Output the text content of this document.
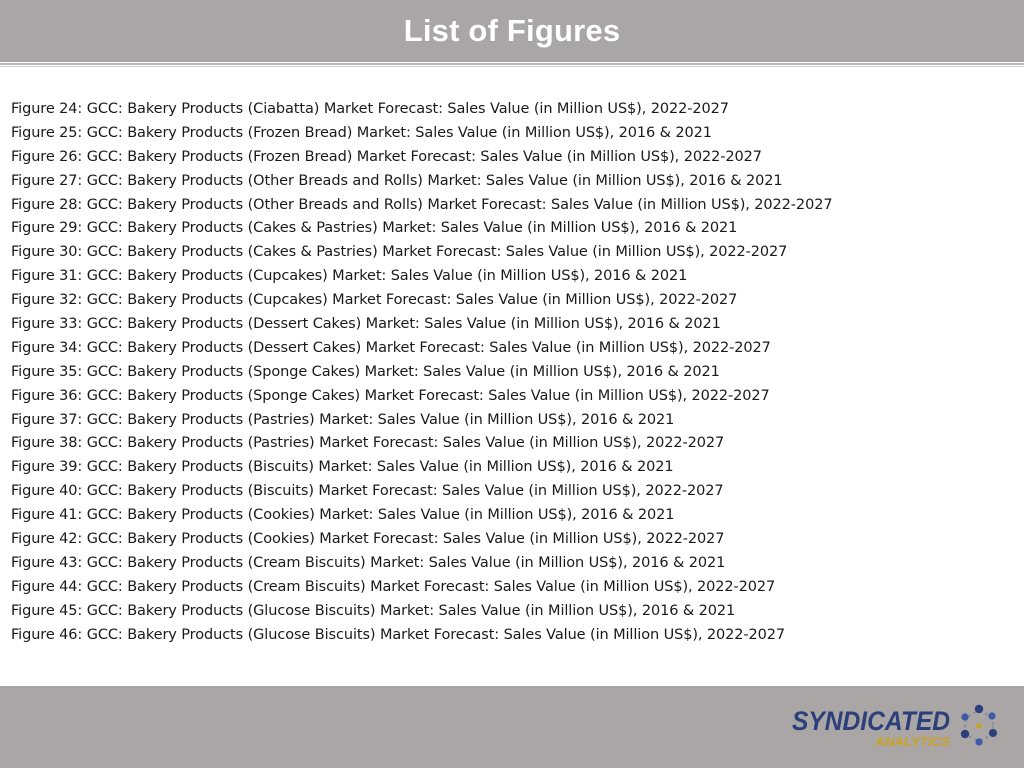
List of Figures
Figure 24: GCC: Bakery Products (Ciabatta) Market Forecast: Sales Value (in Million US$), 2022-2027
Figure 25: GCC: Bakery Products (Frozen Bread) Market: Sales Value (in Million US$), 2016 & 2021
Figure 26: GCC: Bakery Products (Frozen Bread) Market Forecast: Sales Value (in Million US$), 2022-2027
Figure 27: GCC: Bakery Products (Other Breads and Rolls) Market: Sales Value (in Million US$), 2016 & 2021
Figure 28: GCC: Bakery Products (Other Breads and Rolls) Market Forecast: Sales Value (in Million US$), 2022-2027
Figure 29: GCC: Bakery Products (Cakes & Pastries) Market: Sales Value (in Million US$), 2016 & 2021
Figure 30: GCC: Bakery Products (Cakes & Pastries) Market Forecast: Sales Value (in Million US$), 2022-2027
Figure 31: GCC: Bakery Products (Cupcakes) Market: Sales Value (in Million US$), 2016 & 2021
Figure 32: GCC: Bakery Products (Cupcakes) Market Forecast: Sales Value (in Million US$), 2022-2027
Figure 33: GCC: Bakery Products (Dessert Cakes) Market: Sales Value (in Million US$), 2016 & 2021
Figure 34: GCC: Bakery Products (Dessert Cakes) Market Forecast: Sales Value (in Million US$), 2022-2027
Figure 35: GCC: Bakery Products (Sponge Cakes) Market: Sales Value (in Million US$), 2016 & 2021
Figure 36: GCC: Bakery Products (Sponge Cakes) Market Forecast: Sales Value (in Million US$), 2022-2027
Figure 37: GCC: Bakery Products (Pastries) Market: Sales Value (in Million US$), 2016 & 2021
Figure 38: GCC: Bakery Products (Pastries) Market Forecast: Sales Value (in Million US$), 2022-2027
Figure 39: GCC: Bakery Products (Biscuits) Market: Sales Value (in Million US$), 2016 & 2021
Figure 40: GCC: Bakery Products (Biscuits) Market Forecast: Sales Value (in Million US$), 2022-2027
Figure 41: GCC: Bakery Products (Cookies) Market: Sales Value (in Million US$), 2016 & 2021
Figure 42: GCC: Bakery Products (Cookies) Market Forecast: Sales Value (in Million US$), 2022-2027
Figure 43: GCC: Bakery Products (Cream Biscuits) Market: Sales Value (in Million US$), 2016 & 2021
Figure 44: GCC: Bakery Products (Cream Biscuits) Market Forecast: Sales Value (in Million US$), 2022-2027
Figure 45: GCC: Bakery Products (Glucose Biscuits) Market: Sales Value (in Million US$), 2016 & 2021
Figure 46: GCC: Bakery Products (Glucose Biscuits) Market Forecast: Sales Value (in Million US$), 2022-2027
SYNDICATED
ANALYTICS
